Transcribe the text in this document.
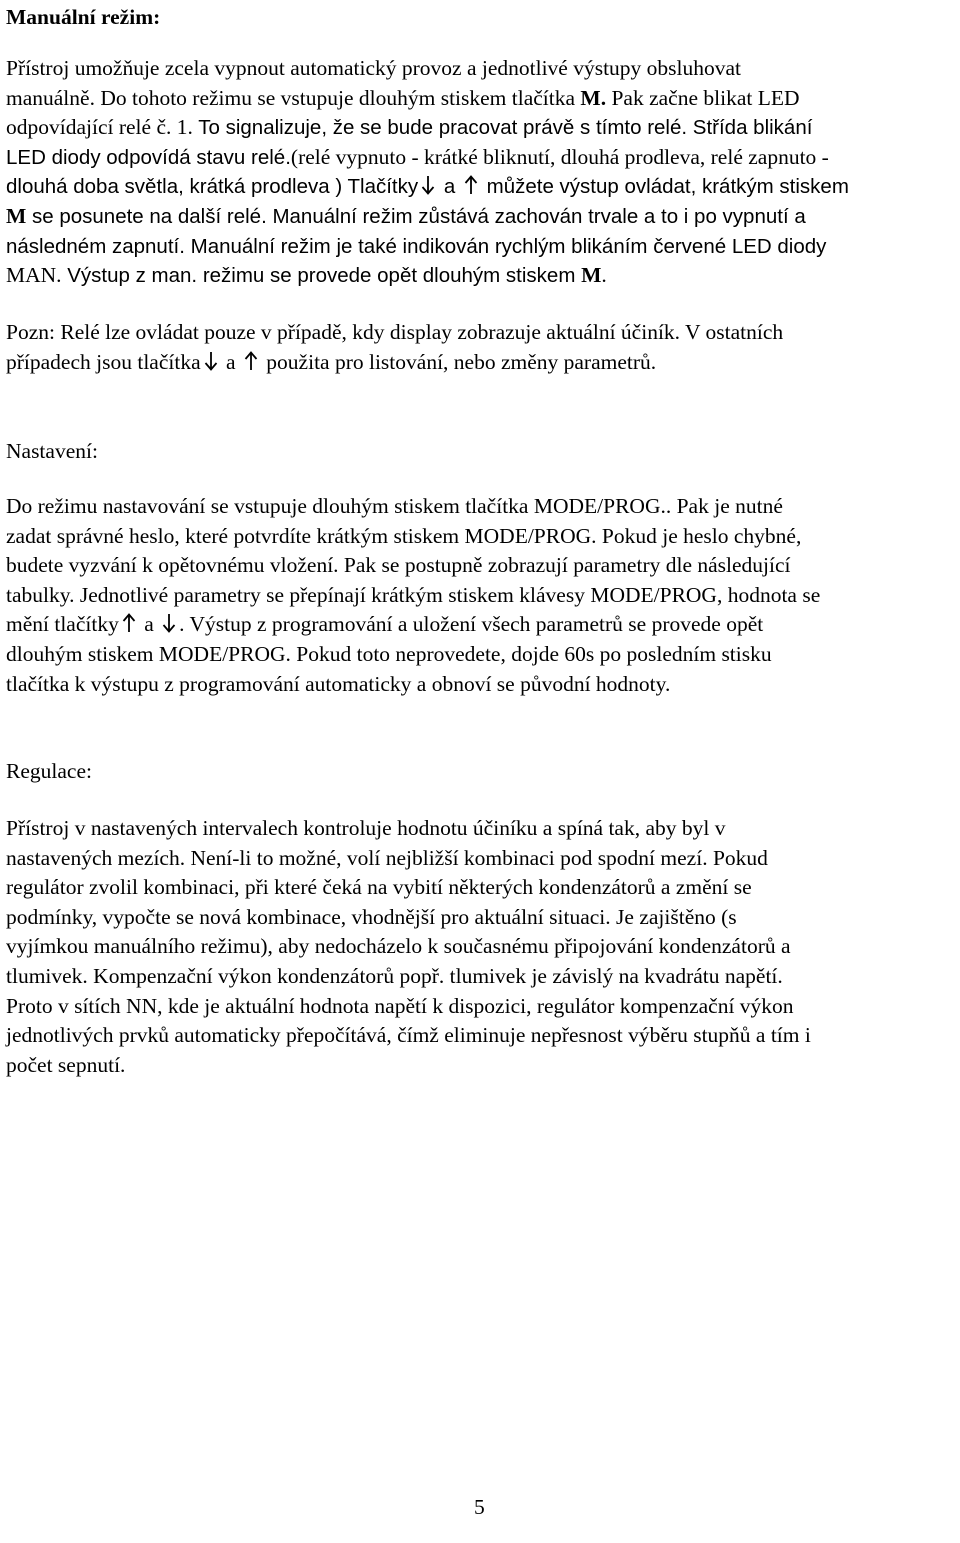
Manuální režim:
Přístroj umožňuje zcela vypnout automatický provoz a jednotlivé výstupy obsluhovat
manuálně. Do tohoto režimu se vstupuje dlouhým stiskem tlačítka M. Pak začne blikat LED
odpovídající relé č. 1. To signalizuje, že se bude pracovat právě s tímto relé. Střída blikání
LED diody odpovídá stavu relé.(relé vypnuto - krátké bliknutí, dlouhá prodleva, relé zapnuto -
dlouhá doba světla, krátká prodleva ) Tlačítky
a
můžete výstup ovládat, krátkým stiskem
M se posunete na další relé. Manuální režim zůstává zachován trvale a to i po vypnutí a
následném zapnutí. Manuální režim je také indikován rychlým blikáním červené LED diody
MAN. Výstup z man. režimu se provede opět dlouhým stiskem M.
Pozn: Relé lze ovládat pouze v případě, kdy display zobrazuje aktuální účiník. V ostatních
případech jsou tlačítka
a
použita pro listování, nebo změny parametrů.
Nastavení:
Do režimu nastavování se vstupuje dlouhým stiskem tlačítka MODE/PROG.. Pak je nutné
zadat správné heslo, které potvrdíte krátkým stiskem MODE/PROG. Pokud je heslo chybné,
budete vyzvání k opětovnému vložení. Pak se postupně zobrazují parametry dle následující
tabulky. Jednotlivé parametry se přepínají krátkým stiskem klávesy MODE/PROG, hodnota se
mění tlačítky
a
. Výstup z programování a uložení všech parametrů se provede opět
dlouhým stiskem MODE/PROG. Pokud toto neprovedete, dojde 60s po posledním stisku
tlačítka k výstupu z programování automaticky a obnoví se původní hodnoty.
Regulace:
Přístroj v nastavených intervalech kontroluje hodnotu účiníku a spíná tak, aby byl v
nastavených mezích. Není-li to možné, volí nejbližší kombinaci pod spodní mezí. Pokud
regulátor zvolil kombinaci, při které čeká na vybití některých kondenzátorů a změní se
podmínky, vypočte se nová kombinace, vhodnější pro aktuální situaci. Je zajištěno (s
vyjímkou manuálního režimu), aby nedocházelo k současnému připojování kondenzátorů a
tlumivek. Kompenzační výkon kondenzátorů popř. tlumivek je závislý na kvadrátu napětí.
Proto v sítích NN, kde je aktuální hodnota napětí k dispozici, regulátor kompenzační výkon
jednotlivých prvků automaticky přepočítává, čímž eliminuje nepřesnost výběru stupňů a tím i
počet sepnutí.
5
